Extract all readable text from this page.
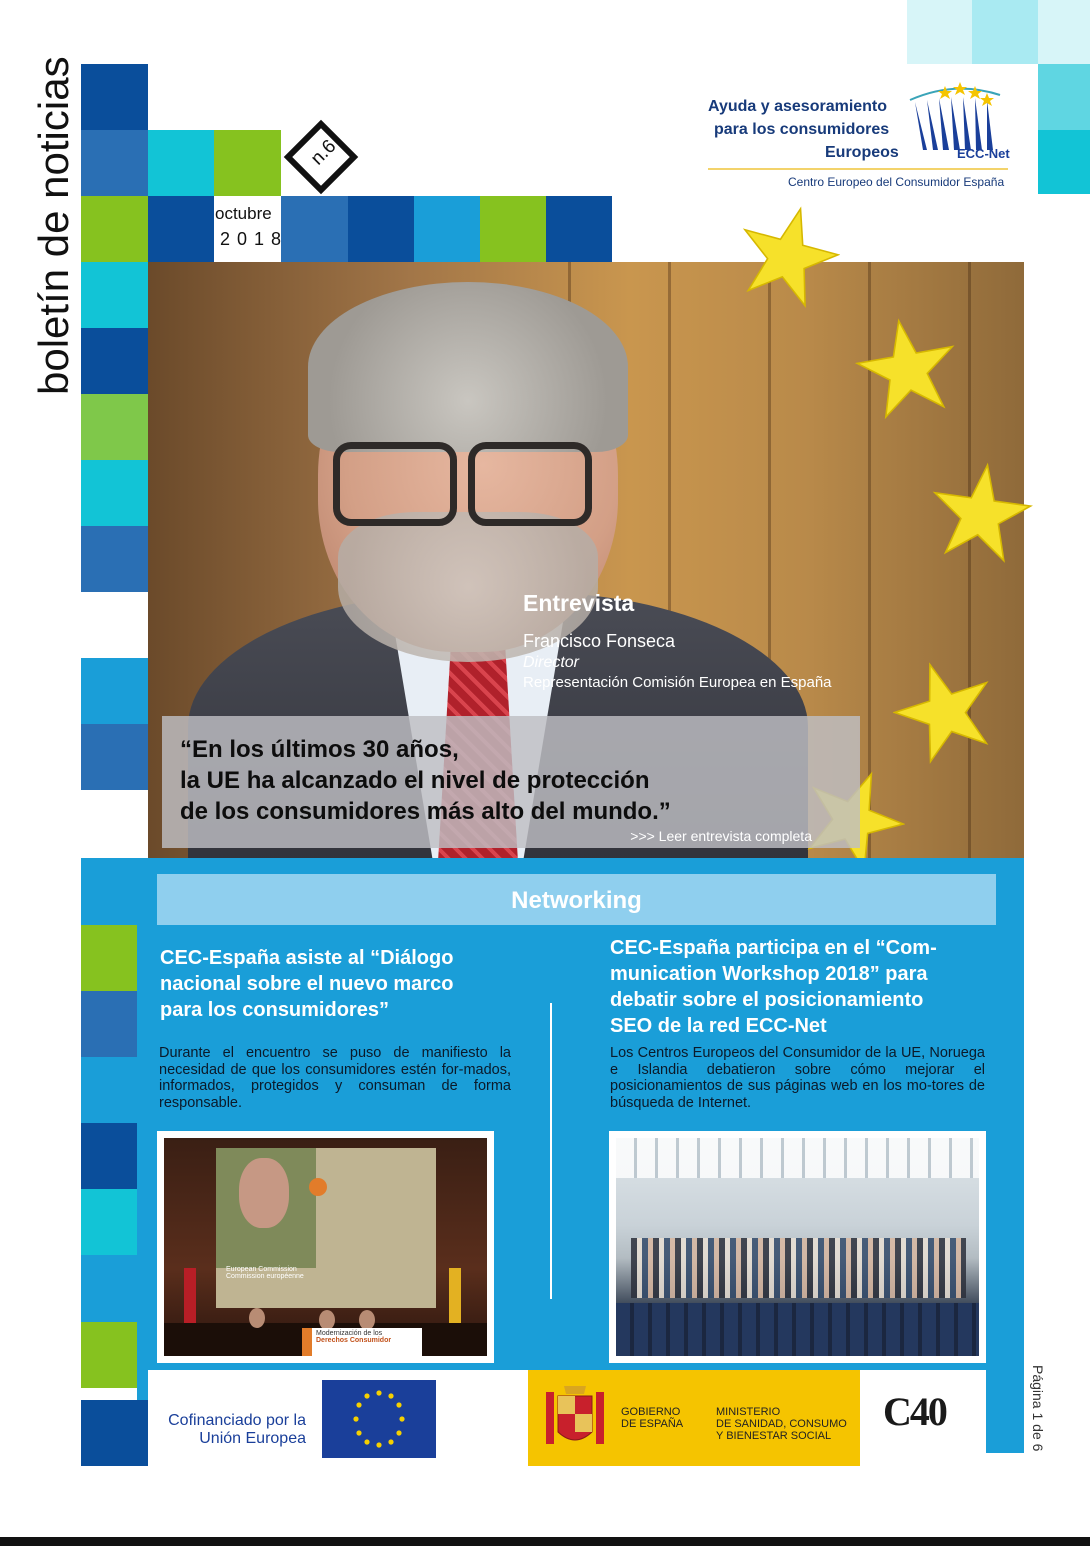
boletín de noticias	n.6
octubre
2 0 1 8
Ayuda y asesoramiento
para los consumidores
Europeos	ECC-Net
Centro Europeo del Consumidor España
Entrevista
Francisco Fonseca
Director
Representación Comisión Europea en España
“En los últimos 30 años,
la UE ha alcanzado el nivel de protección
de los consumidores más alto del mundo.”
>>> Leer entrevista completa
Networking
CEC-España asiste al “Diálogo
nacional sobre el nuevo marco
para los consumidores”
Durante el encuentro se puso de manifiesto la necesidad de que los consumidores estén for-mados, informados, protegidos y consuman de forma responsable.
CEC-España participa en el “Com-
munication Workshop 2018” para
debatir sobre el posicionamiento
SEO de la red ECC-Net
Los Centros Europeos del Consumidor de la UE, Noruega e Islandia debatieron sobre cómo mejorar el posicionamientos de sus páginas web en los mo-tores de búsqueda de Internet.
European Commission
Commission européenne
Modernización de los
Derechos Consumidor
Cofinanciado por la
Unión Europea
GOBIERNO
DE ESPAÑA
MINISTERIO
DE SANIDAD, CONSUMO
Y BIENESTAR SOCIAL
C40	Página 1 de 6
